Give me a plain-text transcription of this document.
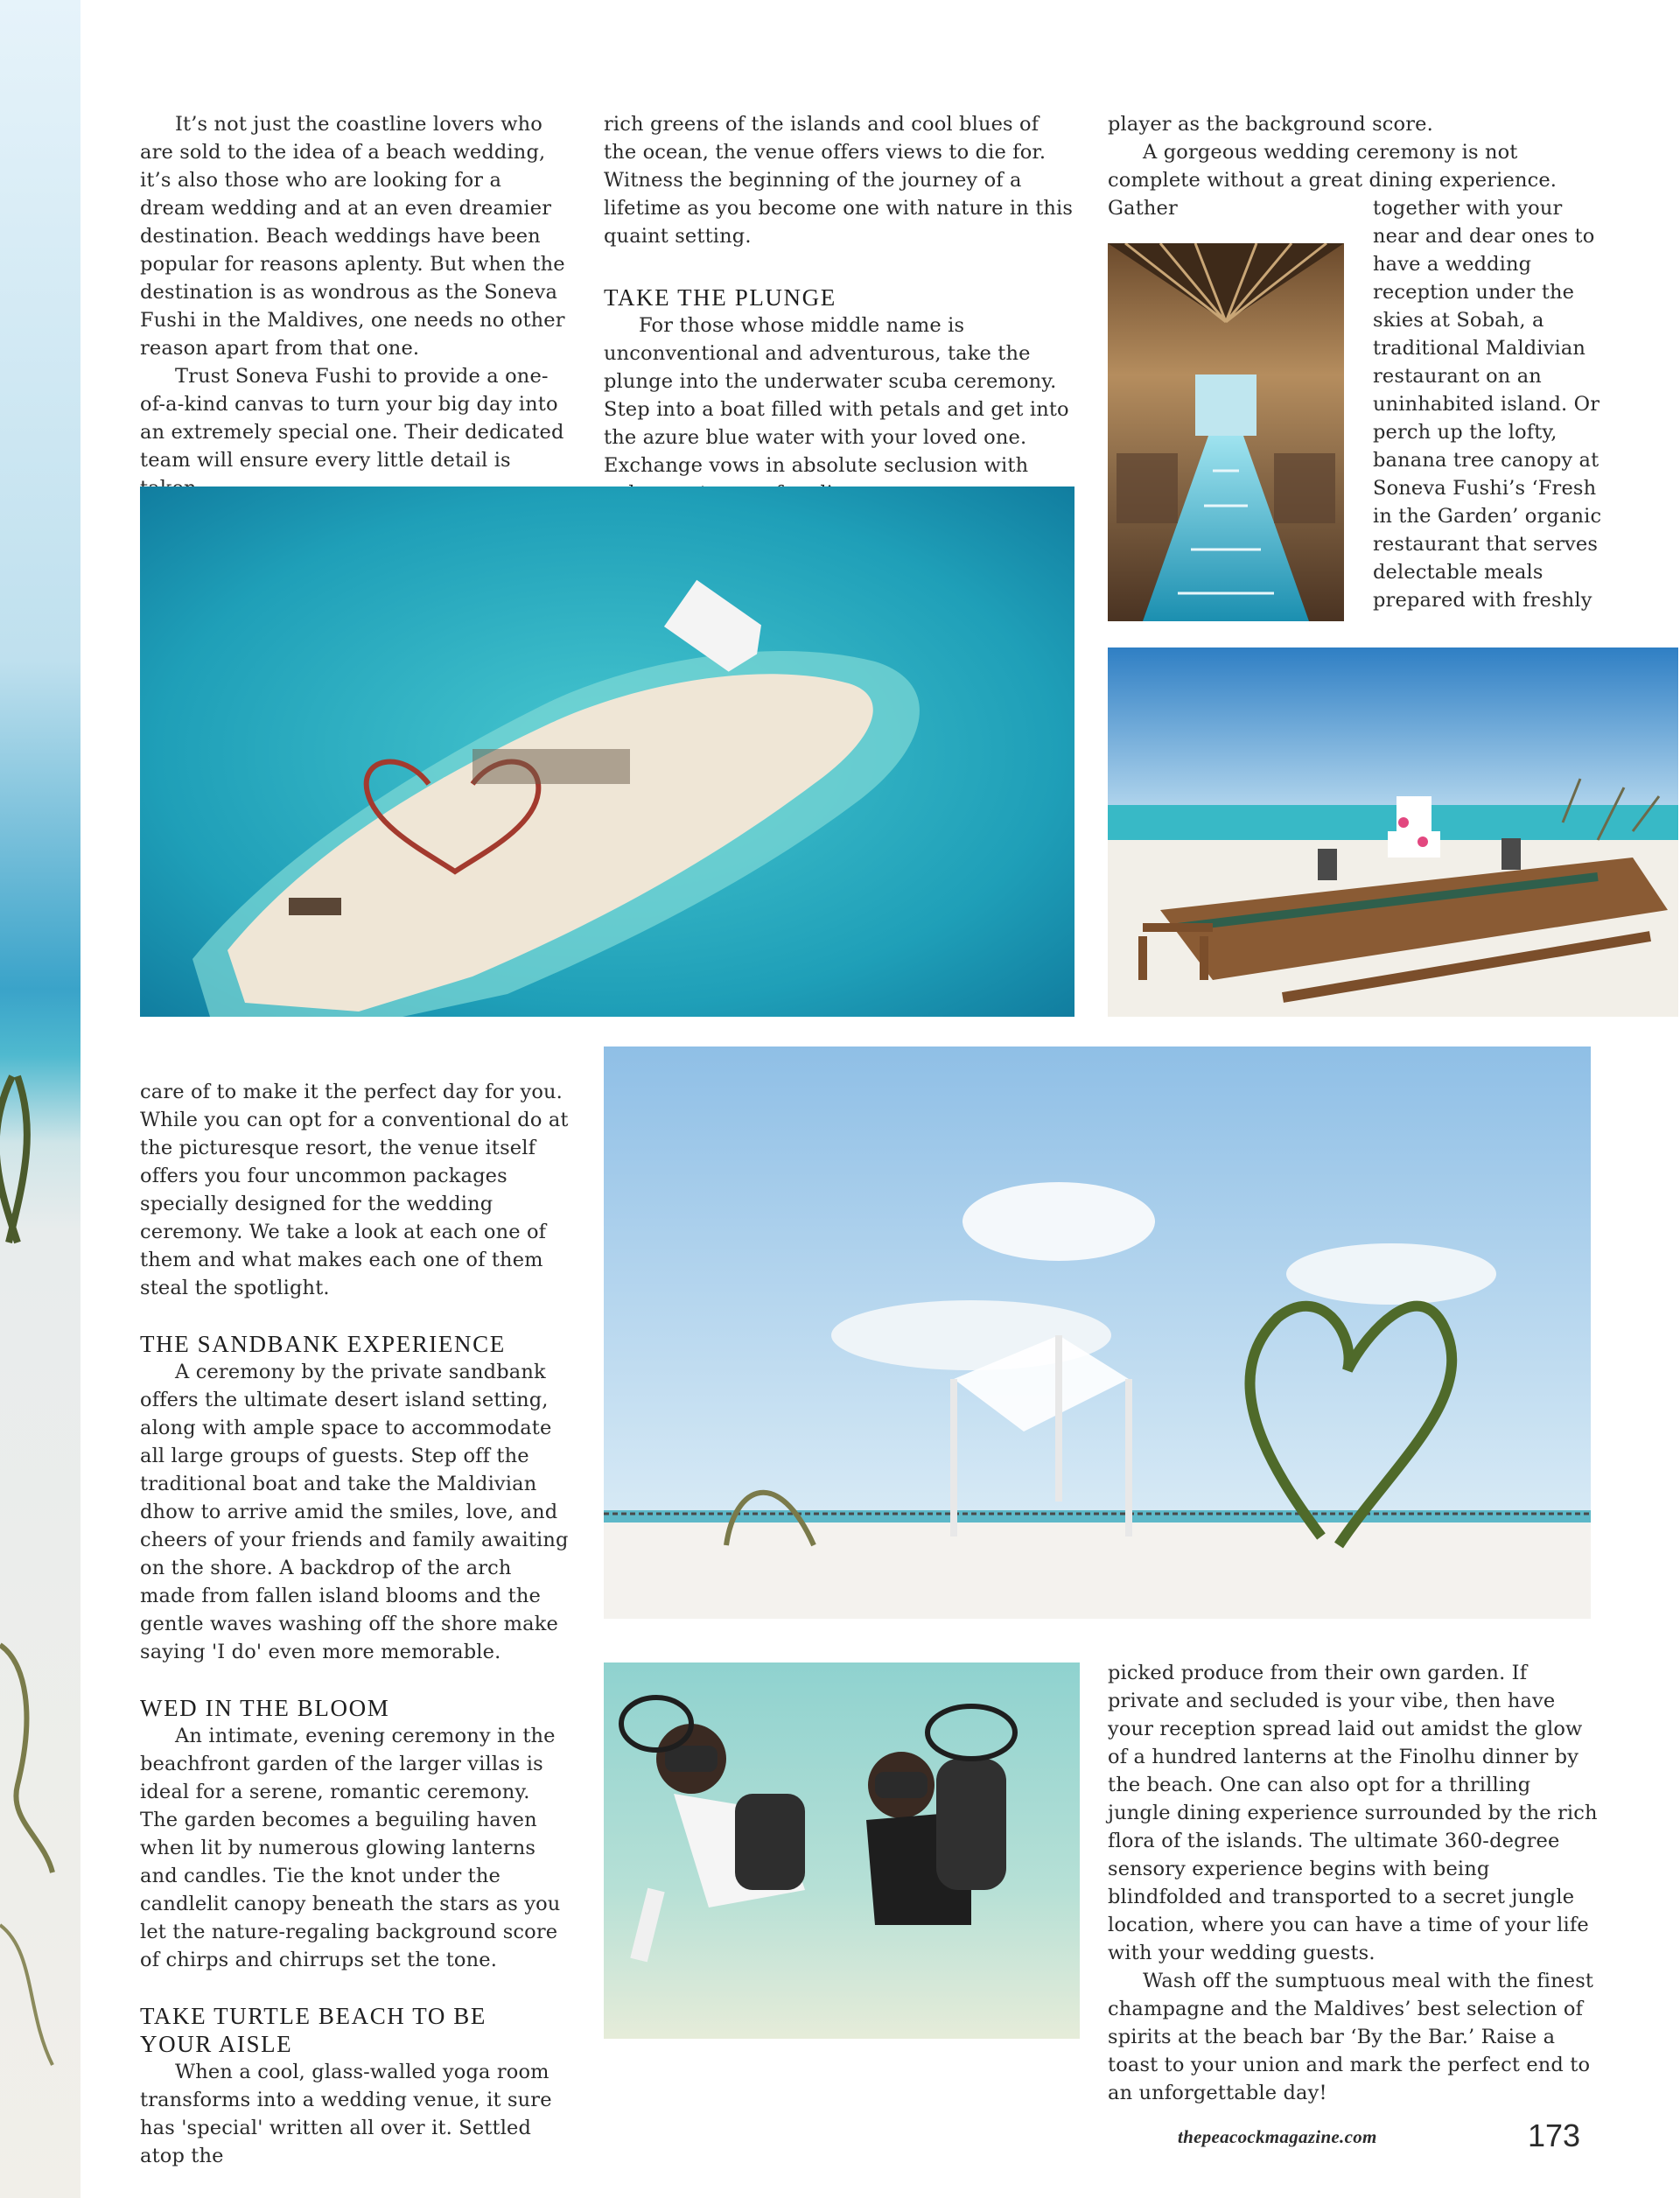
It’s not just the coastline lovers who are sold to the idea of a beach wedding, it’s also those who are looking for a dream wedding and at an even dreamier destination. Beach weddings have been popular for reasons aplenty. But when the destination is as wondrous as the Soneva Fushi in the Maldives, one needs no other reason apart from that one.

Trust Soneva Fushi to provide a one-of-a-kind canvas to turn your big day into an extremely special one. Their dedicated team will ensure every little detail is

rich greens of the islands and cool blues of the ocean, the venue offers views to die for. Witness the beginning of the journey of a lifetime as you become one with nature in this quaint setting.

TAKE THE PLUNGE

For those whose middle name is unconventional and adventurous, take the plunge into the underwater scuba ceremony. Step into a boat filled with petals and get into the azure blue water with your loved one. Exchange vows in absolute seclusion with

player as the background score.

A gorgeous wedding ceremony is not complete without a great dining experience. Gather	together with your near and dear ones to have a wedding reception under the skies at Sobah, a traditional Maldivian restaurant on an uninhabited island. Or perch up the lofty, banana tree canopy at Soneva Fushi’s ‘Fresh in the Garden’ organic restaurant that serves delectable meals prepared with freshly

care of to make it the perfect day for you. While you can opt for a conventional do at the picturesque resort, the venue itself offers you four uncommon packages specially designed for the wedding ceremony. We take a look at each one of them and what makes each one of them steal the spotlight.

THE SANDBANK EXPERIENCE

A ceremony by the private sandbank offers the ultimate desert island setting, along with ample space to accommodate all large groups of guests. Step off the traditional boat and take the Maldivian dhow to arrive amid the smiles, love, and cheers of your friends and family awaiting on the shore. A backdrop of the arch made from fallen island blooms and the gentle waves washing off the shore make saying 'I do' even more memorable.

WED IN THE BLOOM

An intimate, evening ceremony in the beachfront garden of the larger villas is ideal for a serene, romantic ceremony. The garden becomes a beguiling haven when lit by numerous glowing lanterns and candles. Tie the knot under the candlelit canopy beneath the stars as you let the nature-regaling background score of chirps and chirrups set the tone.

TAKE TURTLE BEACH TO BE YOUR AISLE

When a cool, glass-walled yoga room transforms into a wedding venue, it sure has 'special' written all over it. Settled atop the

picked produce from their own garden. If private and secluded is your vibe, then have your reception spread laid out amidst the glow of a hundred lanterns at the Finolhu dinner by the beach. One can also opt for a thrilling jungle dining experience surrounded by the rich flora of the islands. The ultimate 360-degree sensory experience begins with being blindfolded and transported to a secret jungle location, where you can have a time of your life with your wedding guests.

Wash off the sumptuous meal with the finest champagne and the Maldives’ best selection of spirits at the beach bar ‘By the Bar.’ Raise a toast to your union and mark the perfect end to an unforgettable day!

thepeacockmagazine.com	173
